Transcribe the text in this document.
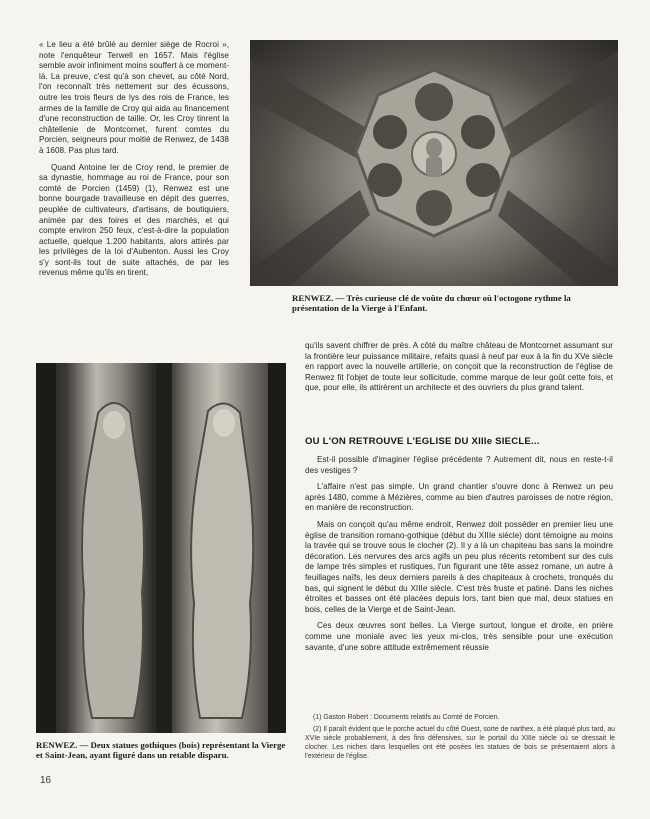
« Le lieu a été brûlé au dernier siège de Rocroi », note l'enquêteur Terwell en 1657. Mais l'église semble avoir infiniment moins souffert à ce moment-là. La preuve, c'est qu'à son chevet, au côté Nord, l'on reconnaît très nettement sur des écussons, outre les trois fleurs de lys des rois de France, les armes de la famille de Croy qui aida au financement d'une reconstruction de taille. Or, les Croy tinrent la châtellenie de Montcornet, furent comtes du Porcien, seigneurs pour moitié de Renwez, de 1438 à 1608. Pas plus tard.

Quand Antoine Ier de Croy rend, le premier de sa dynastie, hommage au roi de France, pour son comté de Porcien (1459) (1), Renwez est une bonne bourgade travailleuse en dépit des guerres, peuplée de cultivateurs, d'artisans, de boutiquiers, animée par des foires et des marchés, et qui compte environ 250 feux, c'est-à-dire la population actuelle, quelque 1.200 habitants, alors attirés par les privilèges de la loi d'Aubenton. Aussi les Croy s'y sont-ils tout de suite attachés, de par les revenus même qu'ils en tirent,

RENWEZ. — Très curieuse clé de voûte du chœur où l'octogone rythme la présentation de la Vierge à l'Enfant.

qu'ils savent chiffrer de près. A côté du maître château de Montcornet assumant sur la frontière leur puissance militaire, refaits quasi à neuf par eux à la fin du XVe siècle en rapport avec la nouvelle artillerie, on conçoit que la reconstruction de l'église de Renwez fit l'objet de toute leur sollicitude, comme marque de leur goût cette fois, et que, pour elle, ils attirèrent un architecte et des ouvriers du plus grand talent.

OU L'ON RETROUVE L'EGLISE DU XIIIe SIECLE...

Est-il possible d'imaginer l'église précédente ? Autrement dit, nous en reste-t-il des vestiges ?

L'affaire n'est pas simple. Un grand chantier s'ouvre donc à Renwez un peu après 1480, comme à Mézières, comme au bien d'autres paroisses de notre région, en manière de reconstruction.

Mais on conçoit qu'au même endroit, Renwez doit posséder en premier lieu une église de transition romano-gothique (début du XIIIe siècle) dont témoigne au moins la travée qui se trouve sous le clocher (2). Il y a là un chapiteau bas sans la moindre décoration. Les nervures des arcs agifs un peu plus récents retombent sur des culs de lampe très simples et rustiques, l'un figurant une tête assez romane, un autre à feuillages naïfs, les deux derniers pareils à des chapiteaux à crochets, tronqués du bas, qui signent le début du XIIIe siècle. C'est très fruste et patiné. Dans les niches étroites et basses ont été placées depuis lors, tant bien que mal, deux statues en bois, celles de la Vierge et de Saint-Jean.

Ces deux œuvres sont belles. La Vierge surtout, longue et droite, en prière comme une moniale avec les yeux mi-clos, très sensible pour une exécution savante, d'une sobre attitude extrêmement réussie

RENWEZ. — Deux statues gothiques (bois) représentant la Vierge et Saint-Jean, ayant figuré dans un retable disparu.

(1) Gaston Robert : Documents relatifs au Comté de Porcien.

(2) Il paraît évident que le porche actuel du côté Ouest, sorte de narthex, a été plaqué plus tard, au XVIe siècle probablement, à des fins défensives, sur le portail du XIIIe siècle où se dressait le clocher. Les niches dans lesquelles ont été posées les statues de bois se présentaient alors à l'extérieur de l'église.

16
